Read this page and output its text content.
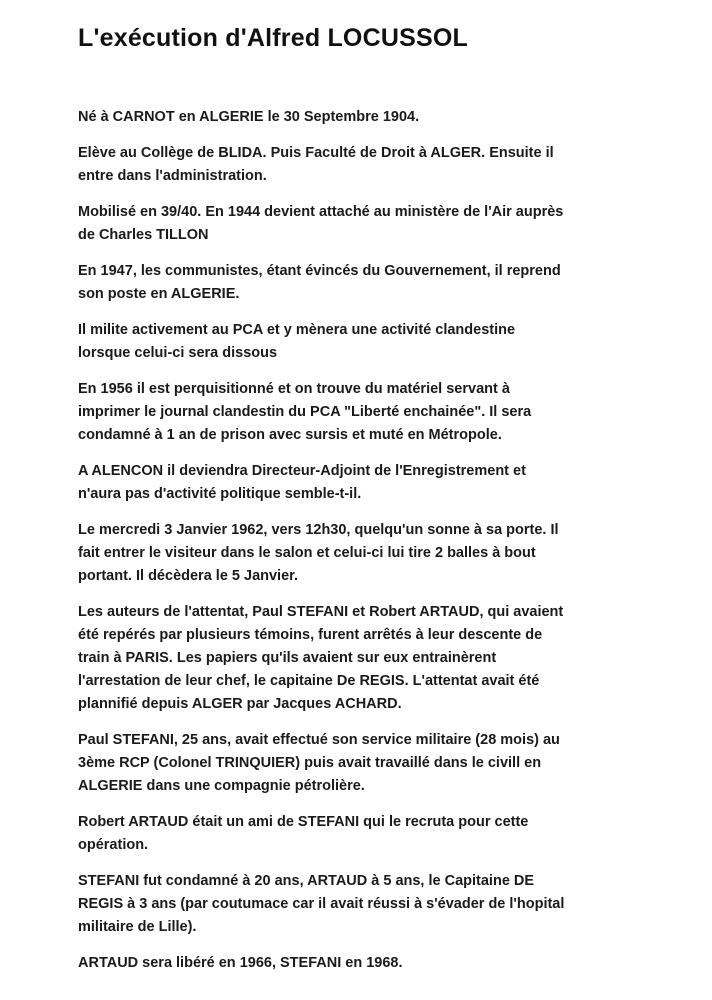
L'exécution d'Alfred LOCUSSOL

Né à CARNOT en ALGERIE le 30 Septembre 1904.

Elève au Collège de BLIDA. Puis Faculté de Droit à ALGER. Ensuite il
entre dans l'administration.

Mobilisé en 39/40. En 1944 devient attaché au ministère de l'Air auprès
de Charles TILLON

En 1947, les communistes, étant évincés du Gouvernement, il reprend
son poste en ALGERIE.

Il milite activement au PCA et y mènera une activité clandestine
lorsque celui-ci sera dissous

En 1956 il est perquisitionné et on trouve du matériel servant à
imprimer le journal clandestin du PCA "Liberté enchainée". Il sera
condamné à 1 an de prison avec sursis et muté en Métropole.

A ALENCON il deviendra Directeur-Adjoint de l'Enregistrement et
n'aura pas d'activité politique semble-t-il.

Le mercredi 3 Janvier 1962, vers 12h30, quelqu'un sonne à sa porte. Il
fait entrer le visiteur dans le salon et celui-ci lui tire 2 balles à bout
portant. Il décèdera le 5 Janvier.

Les auteurs de l'attentat, Paul STEFANI et Robert ARTAUD, qui avaient
été repérés par plusieurs témoins, furent arrêtés à leur descente de
train à PARIS. Les papiers qu'ils avaient sur eux entrainèrent
l'arrestation de leur chef, le capitaine De REGIS. L'attentat avait été
plannifié depuis ALGER par Jacques ACHARD.

Paul STEFANI, 25 ans, avait effectué son service militaire (28 mois) au
3ème RCP (Colonel TRINQUIER) puis avait travaillé dans le civill en
ALGERIE dans une compagnie pétrolière.

Robert ARTAUD était un ami de STEFANI qui le recruta pour cette
opération.

STEFANI fut condamné à 20 ans, ARTAUD à 5 ans, le Capitaine DE
REGIS à 3 ans (par coutumace car il avait réussi à s'évader de l'hopital
militaire de Lille).

ARTAUD sera libéré en 1966, STEFANI en 1968.
